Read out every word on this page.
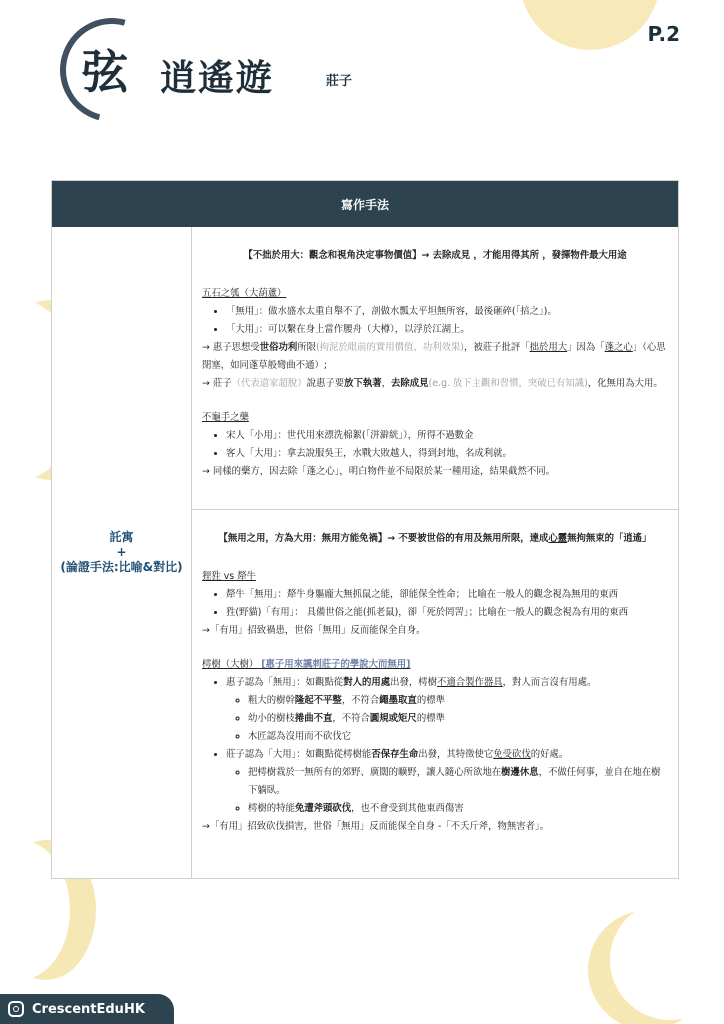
弦 逍遙遊	莊子
P.2
寫作手法
託寓
+
(論證手法:比喻&對比)
【不拙於用大：觀念和視角決定事物價值】→ 去除成見 ，才能用得其所 ，發揮物件最大用途
五石之瓠（大葫蘆）
• 「無用」：做水盛水太重自舉不了，剖做水瓢太平坦無所容，最後砸碎(「掊之」)。
• 「大用」：可以繫在身上當作腰舟（大樽），以浮於江湖上。

→ 惠子思想受世俗功利所限(拘泥於眼前的實用價值、功利效果)，被莊子批評「拙於用大」因為「蓬之心」（心思閉塞，如同蓬草般彎曲不通）;

→ 莊子（代表道家超脫）說惠子要放下執著，去除成見(e.g. 放下主觀和習慣，突破已有知識)，化無用為大用。

不龜手之藥
• 宋人「小用」：世代用來漂洗棉絮(「洴澼絖」），所得不過數金
• 客人「大用」：拿去說服吳王，水戰大敗越人，得到封地，名成利就。

→ 同樣的藥方，因去除「蓬之心」，明白物件並不局限於某一種用途，結果截然不同。

【無用之用，方為大用：無用方能免禍】→ 不要被世俗的有用及無用所限，達成心靈無拘無束的「逍遙」
狸狌 vs 犛牛
• 犛牛「無用」：犛牛身軀龐大無抓鼠之能，卻能保全性命； 比喻在一般人的觀念視為無用的東西
• 狌(野貓)「有用」： 具備世俗之能(抓老鼠)，卻「死於罔罟」；比喻在一般人的觀念視為有用的東西

→「有用」招致禍患，世俗「無用」反而能保全自身。

樗樹（大樹） [惠子用來諷刺莊子的學說大而無用]
• 惠子認為「無用」：如觀點從對人的用處出發，樗樹不適合製作器具，對人而言沒有用處。
◦ 粗大的樹幹隆起不平整，不符合繩墨取直的標準
◦ 幼小的樹枝捲曲不直，不符合圓規或矩尺的標準
◦ 木匠認為沒用而不砍伐它
• 莊子認為「大用」：如觀點從樗樹能否保存生命出發，其特徵使它免受砍伐的好處。
◦ 把樗樹栽於一無所有的郊野、廣闊的曠野，讓人隨心所欲地在樹邊休息，不做任何事，並自在地在樹下躺臥。
◦ 樗樹的特能免遭斧頭砍伐，也不會受到其他東西傷害

→「有用」招致砍伐損害，世俗「無用」反而能保全自身 -「不夭斤斧，物無害者」。

CrescentEduHK
